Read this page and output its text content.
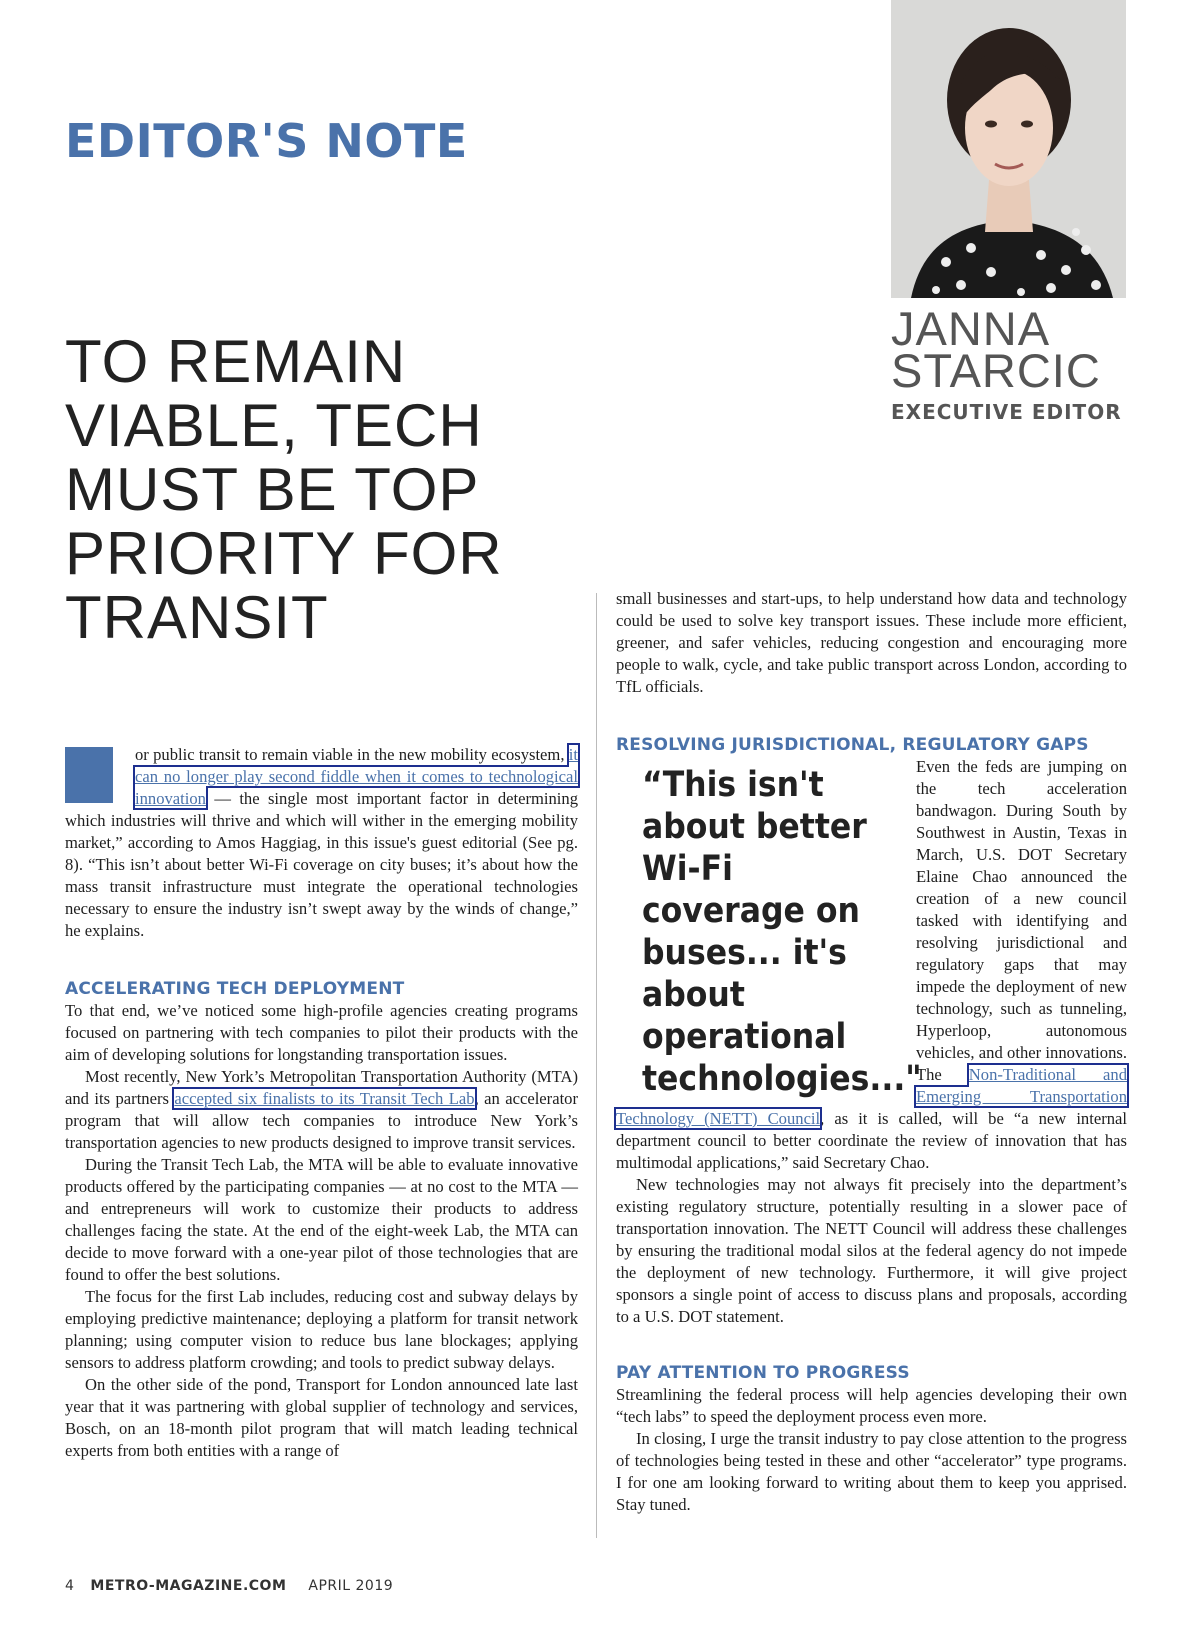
EDITOR'S NOTE
TO REMAIN VIABLE, TECH MUST BE TOP PRIORITY FOR TRANSIT
JANNA
STARCIC
EXECUTIVE EDITOR

or public transit to remain viable in the new mobility ecosystem, it can no longer play second fiddle when it comes to technological innovation — the single most important factor in determining which industries will thrive and which will wither in the emerging mobility market,” according to Amos Haggiag, in this issue's guest editorial (See pg. 8). “This isn’t about better Wi-Fi coverage on city buses; it’s about how the mass transit infrastructure must integrate the operational technologies necessary to ensure the industry isn’t swept away by the winds of change,” he explains.

ACCELERATING TECH DEPLOYMENT

To that end, we’ve noticed some high-profile agencies creating programs focused on partnering with tech companies to pilot their products with the aim of developing solutions for longstanding transportation issues.

Most recently, New York’s Metropolitan Transportation Authority (MTA) and its partners accepted six finalists to its Transit Tech Lab, an accelerator program that will allow tech companies to introduce New York’s transportation agencies to new products designed to improve transit services.

During the Transit Tech Lab, the MTA will be able to evaluate innovative products offered by the participating companies — at no cost to the MTA — and entrepreneurs will work to customize their products to address challenges facing the state. At the end of the eight-week Lab, the MTA can decide to move forward with a one-year pilot of those technologies that are found to offer the best solutions.

The focus for the first Lab includes, reducing cost and subway delays by employing predictive maintenance; deploying a platform for transit network planning; using computer vision to reduce bus lane blockages; applying sensors to address platform crowding; and tools to predict subway delays.

On the other side of the pond, Transport for London announced late last year that it was partnering with global supplier of technology and services, Bosch, on an 18-month pilot program that will match leading technical experts from both entities with a range of

small businesses and start-ups, to help understand how data and technology could be used to solve key transport issues. These include more efficient, greener, and safer vehicles, reducing congestion and encouraging more people to walk, cycle, and take public transport across London, according to TfL officials.

RESOLVING JURISDICTIONAL, REGULATORY GAPS

“This isn't about better Wi-Fi coverage on buses... it's about operational technologies..."
Even the feds are jumping on the tech acceleration bandwagon. During South by Southwest in Austin, Texas in March, U.S. DOT Secretary Elaine Chao announced the creation of a new council tasked with identifying and resolving jurisdictional and regulatory gaps that may impede the deployment of new technology, such as tunneling, Hyperloop, autonomous vehicles, and other innovations. The Non-Traditional and Emerging Transportation Technology (NETT) Council, as it is called, will be “a new internal department council to better coordinate the review of innovation that has multimodal applications,” said Secretary Chao.

New technologies may not always fit precisely into the department’s existing regulatory structure, potentially resulting in a slower pace of transportation innovation. The NETT Council will address these challenges by ensuring the traditional modal silos at the federal agency do not impede the deployment of new technology. Furthermore, it will give project sponsors a single point of access to discuss plans and proposals, according to a U.S. DOT statement.

PAY ATTENTION TO PROGRESS

Streamlining the federal process will help agencies developing their own “tech labs” to speed the deployment process even more.

In closing, I urge the transit industry to pay close attention to the progress of technologies being tested in these and other “accelerator” type programs. I for one am looking forward to writing about them to keep you apprised. Stay tuned.

4 METRO-MAGAZINE.COM APRIL 2019
